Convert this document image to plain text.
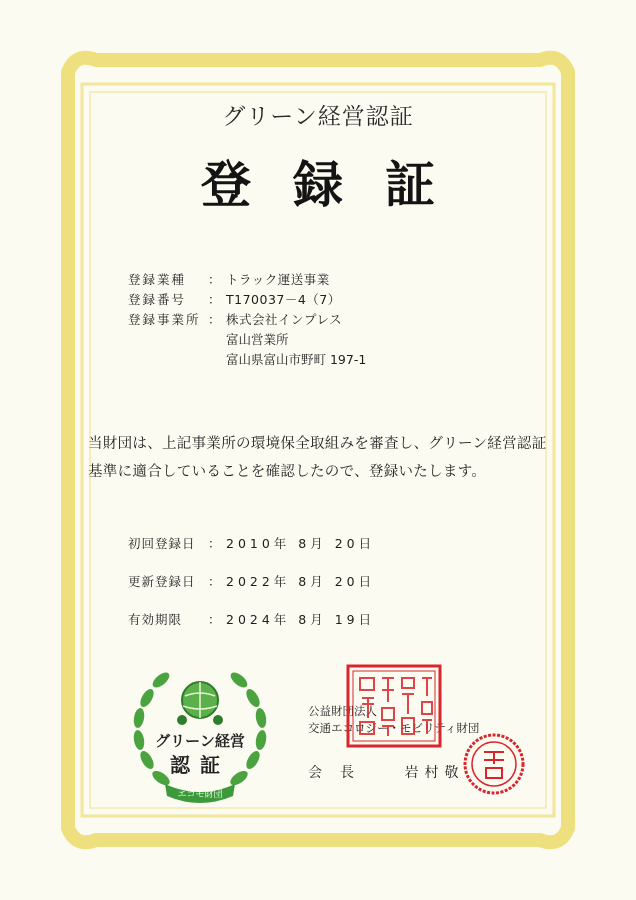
グリーン経営認証
登録証
登録業種	： トラック運送事業
登録番号	： T170037－4（7）
登録事業所 ： 株式会社インプレス
富山営業所
富山県富山市野町 197-1
当財団は、上記事業所の環境保全取組みを審査し、グリーン経営認証基準に適合していることを確認したので、登録いたします。
初回登録日 ： 2010年 8月 20日
更新登録日 ： 2022年 8月 20日
有効期限	： 2024年 8月 19日
グリーン経営
認証
エコモ財団
公益財団法人
交通エコロジー・モビリティ財団
会長 岩村敬
